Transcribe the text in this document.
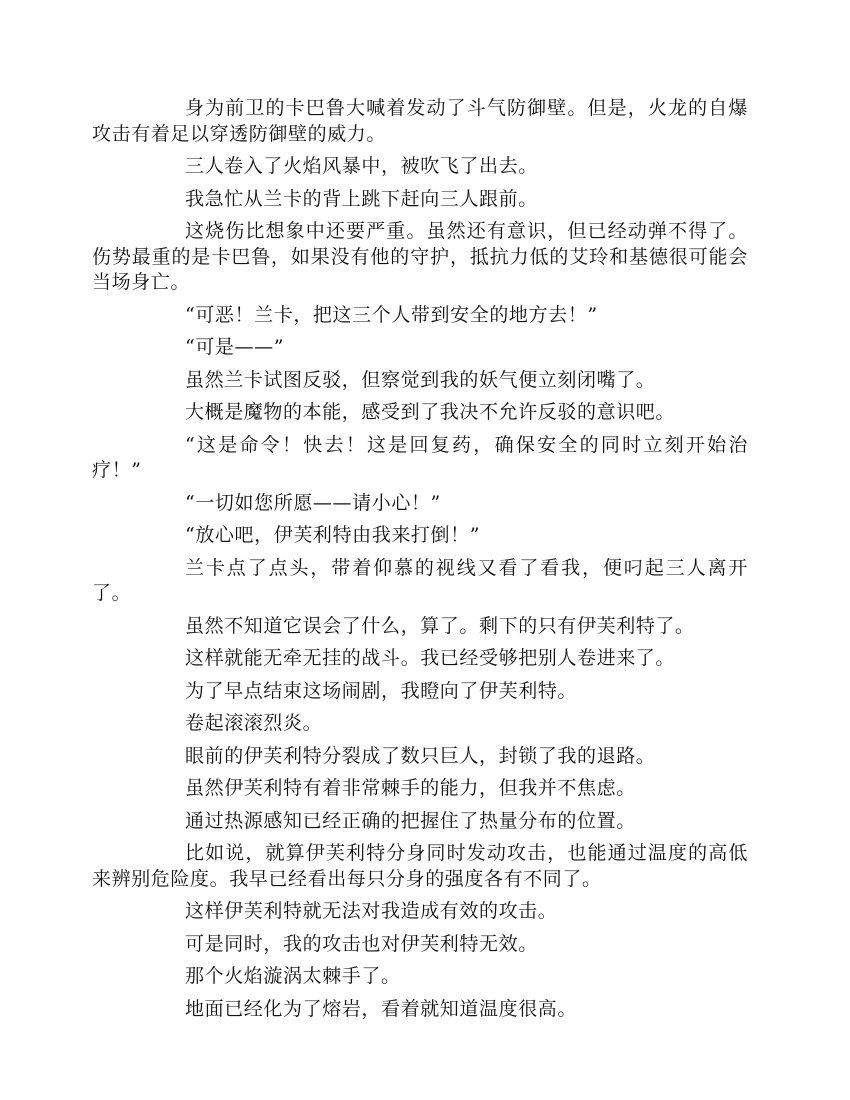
身为前卫的卡巴鲁大喊着发动了斗气防御壁。但是，火龙的自爆攻击有着足以穿透防御壁的威力。

三人卷入了火焰风暴中，被吹飞了出去。

我急忙从兰卡的背上跳下赶向三人跟前。

这烧伤比想象中还要严重。虽然还有意识，但已经动弹不得了。伤势最重的是卡巴鲁，如果没有他的守护，抵抗力低的艾玲和基德很可能会当场身亡。

“可恶！兰卡，把这三个人带到安全的地方去！”

“可是——”

虽然兰卡试图反驳，但察觉到我的妖气便立刻闭嘴了。

大概是魔物的本能，感受到了我决不允许反驳的意识吧。

“这是命令！快去！这是回复药，确保安全的同时立刻开始治疗！”

“一切如您所愿——请小心！”

“放心吧，伊芙利特由我来打倒！”

兰卡点了点头，带着仰慕的视线又看了看我，便叼起三人离开了。

虽然不知道它误会了什么，算了。剩下的只有伊芙利特了。

这样就能无牵无挂的战斗。我已经受够把别人卷进来了。

为了早点结束这场闹剧，我瞪向了伊芙利特。

卷起滚滚烈炎。

眼前的伊芙利特分裂成了数只巨人，封锁了我的退路。

虽然伊芙利特有着非常棘手的能力，但我并不焦虑。

通过热源感知已经正确的把握住了热量分布的位置。

比如说，就算伊芙利特分身同时发动攻击，也能通过温度的高低来辨别危险度。我早已经看出每只分身的强度各有不同了。

这样伊芙利特就无法对我造成有效的攻击。

可是同时，我的攻击也对伊芙利特无效。

那个火焰漩涡太棘手了。

地面已经化为了熔岩，看着就知道温度很高。
